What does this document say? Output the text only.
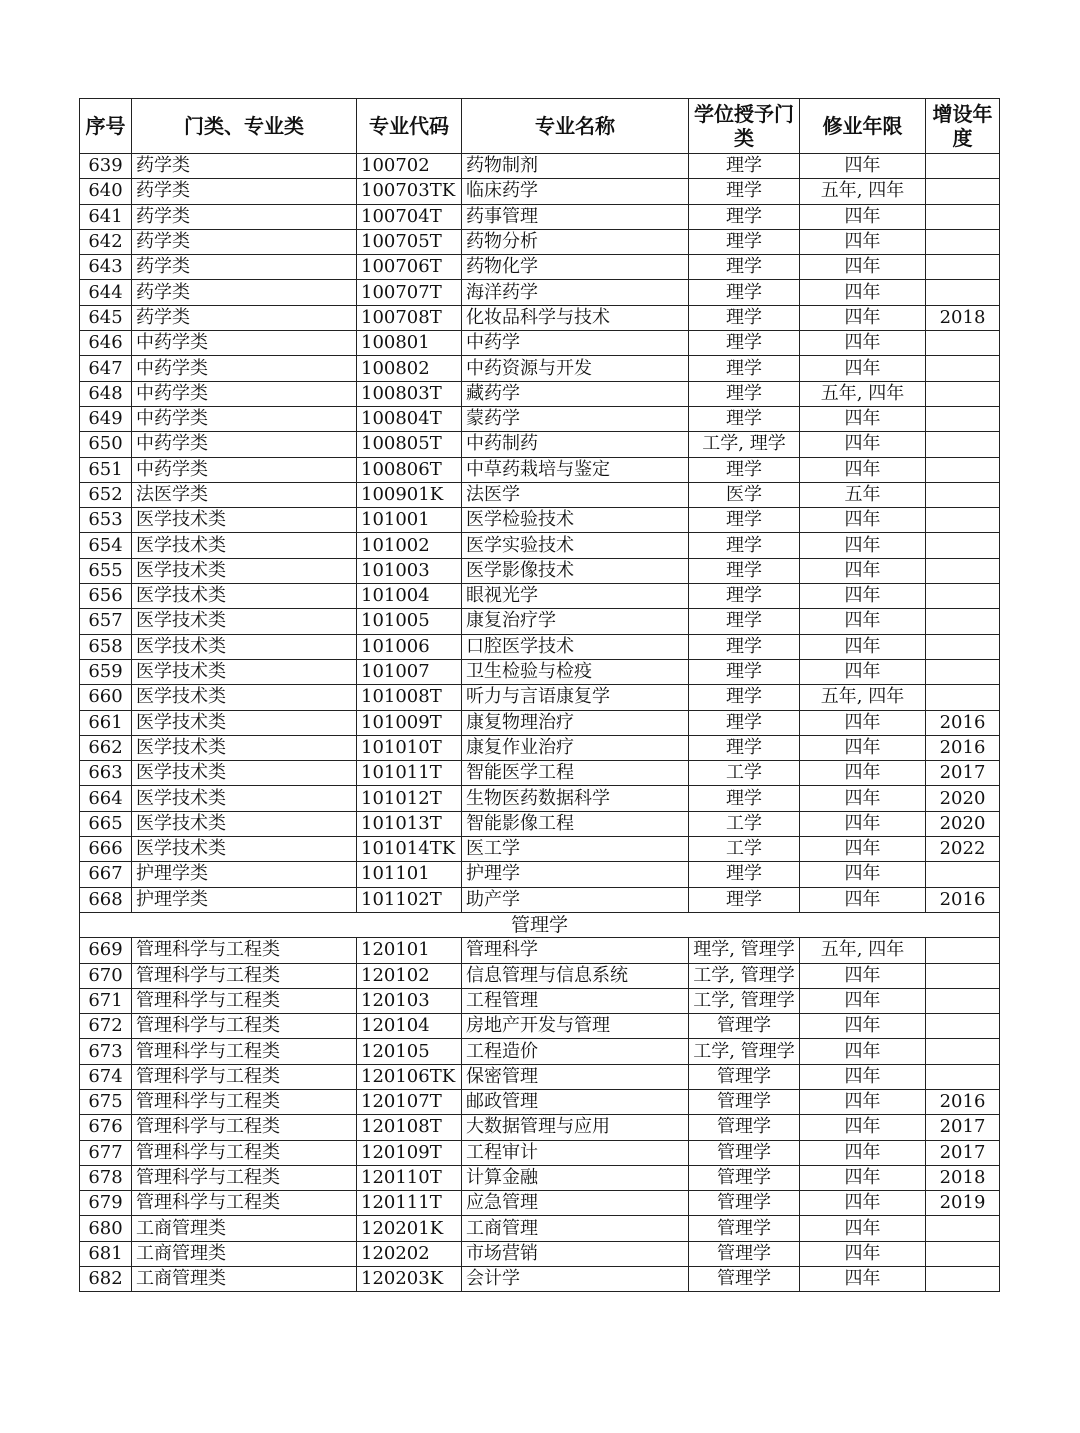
序号	门类、专业类	专业代码	专业名称	学位授予门类	修业年限	增设年度
639	药学类	100702	药物制剂	理学	四年	
640	药学类	100703TK	临床药学	理学	五年, 四年	
641	药学类	100704T	药事管理	理学	四年	
642	药学类	100705T	药物分析	理学	四年	
643	药学类	100706T	药物化学	理学	四年	
644	药学类	100707T	海洋药学	理学	四年	
645	药学类	100708T	化妆品科学与技术	理学	四年	2018
646	中药学类	100801	中药学	理学	四年	
647	中药学类	100802	中药资源与开发	理学	四年	
648	中药学类	100803T	藏药学	理学	五年, 四年	
649	中药学类	100804T	蒙药学	理学	四年	
650	中药学类	100805T	中药制药	工学, 理学	四年	
651	中药学类	100806T	中草药栽培与鉴定	理学	四年	
652	法医学类	100901K	法医学	医学	五年	
653	医学技术类	101001	医学检验技术	理学	四年	
654	医学技术类	101002	医学实验技术	理学	四年	
655	医学技术类	101003	医学影像技术	理学	四年	
656	医学技术类	101004	眼视光学	理学	四年	
657	医学技术类	101005	康复治疗学	理学	四年	
658	医学技术类	101006	口腔医学技术	理学	四年	
659	医学技术类	101007	卫生检验与检疫	理学	四年	
660	医学技术类	101008T	听力与言语康复学	理学	五年, 四年	
661	医学技术类	101009T	康复物理治疗	理学	四年	2016
662	医学技术类	101010T	康复作业治疗	理学	四年	2016
663	医学技术类	101011T	智能医学工程	工学	四年	2017
664	医学技术类	101012T	生物医药数据科学	理学	四年	2020
665	医学技术类	101013T	智能影像工程	工学	四年	2020
666	医学技术类	101014TK	医工学	工学	四年	2022
667	护理学类	101101	护理学	理学	四年	
668	护理学类	101102T	助产学	理学	四年	2016
管理学						
669	管理科学与工程类	120101	管理科学	理学, 管理学	五年, 四年	
670	管理科学与工程类	120102	信息管理与信息系统	工学, 管理学	四年	
671	管理科学与工程类	120103	工程管理	工学, 管理学	四年	
672	管理科学与工程类	120104	房地产开发与管理	管理学	四年	
673	管理科学与工程类	120105	工程造价	工学, 管理学	四年	
674	管理科学与工程类	120106TK	保密管理	管理学	四年	
675	管理科学与工程类	120107T	邮政管理	管理学	四年	2016
676	管理科学与工程类	120108T	大数据管理与应用	管理学	四年	2017
677	管理科学与工程类	120109T	工程审计	管理学	四年	2017
678	管理科学与工程类	120110T	计算金融	管理学	四年	2018
679	管理科学与工程类	120111T	应急管理	管理学	四年	2019
680	工商管理类	120201K	工商管理	管理学	四年	
681	工商管理类	120202	市场营销	管理学	四年	
682	工商管理类	120203K	会计学	管理学	四年	
